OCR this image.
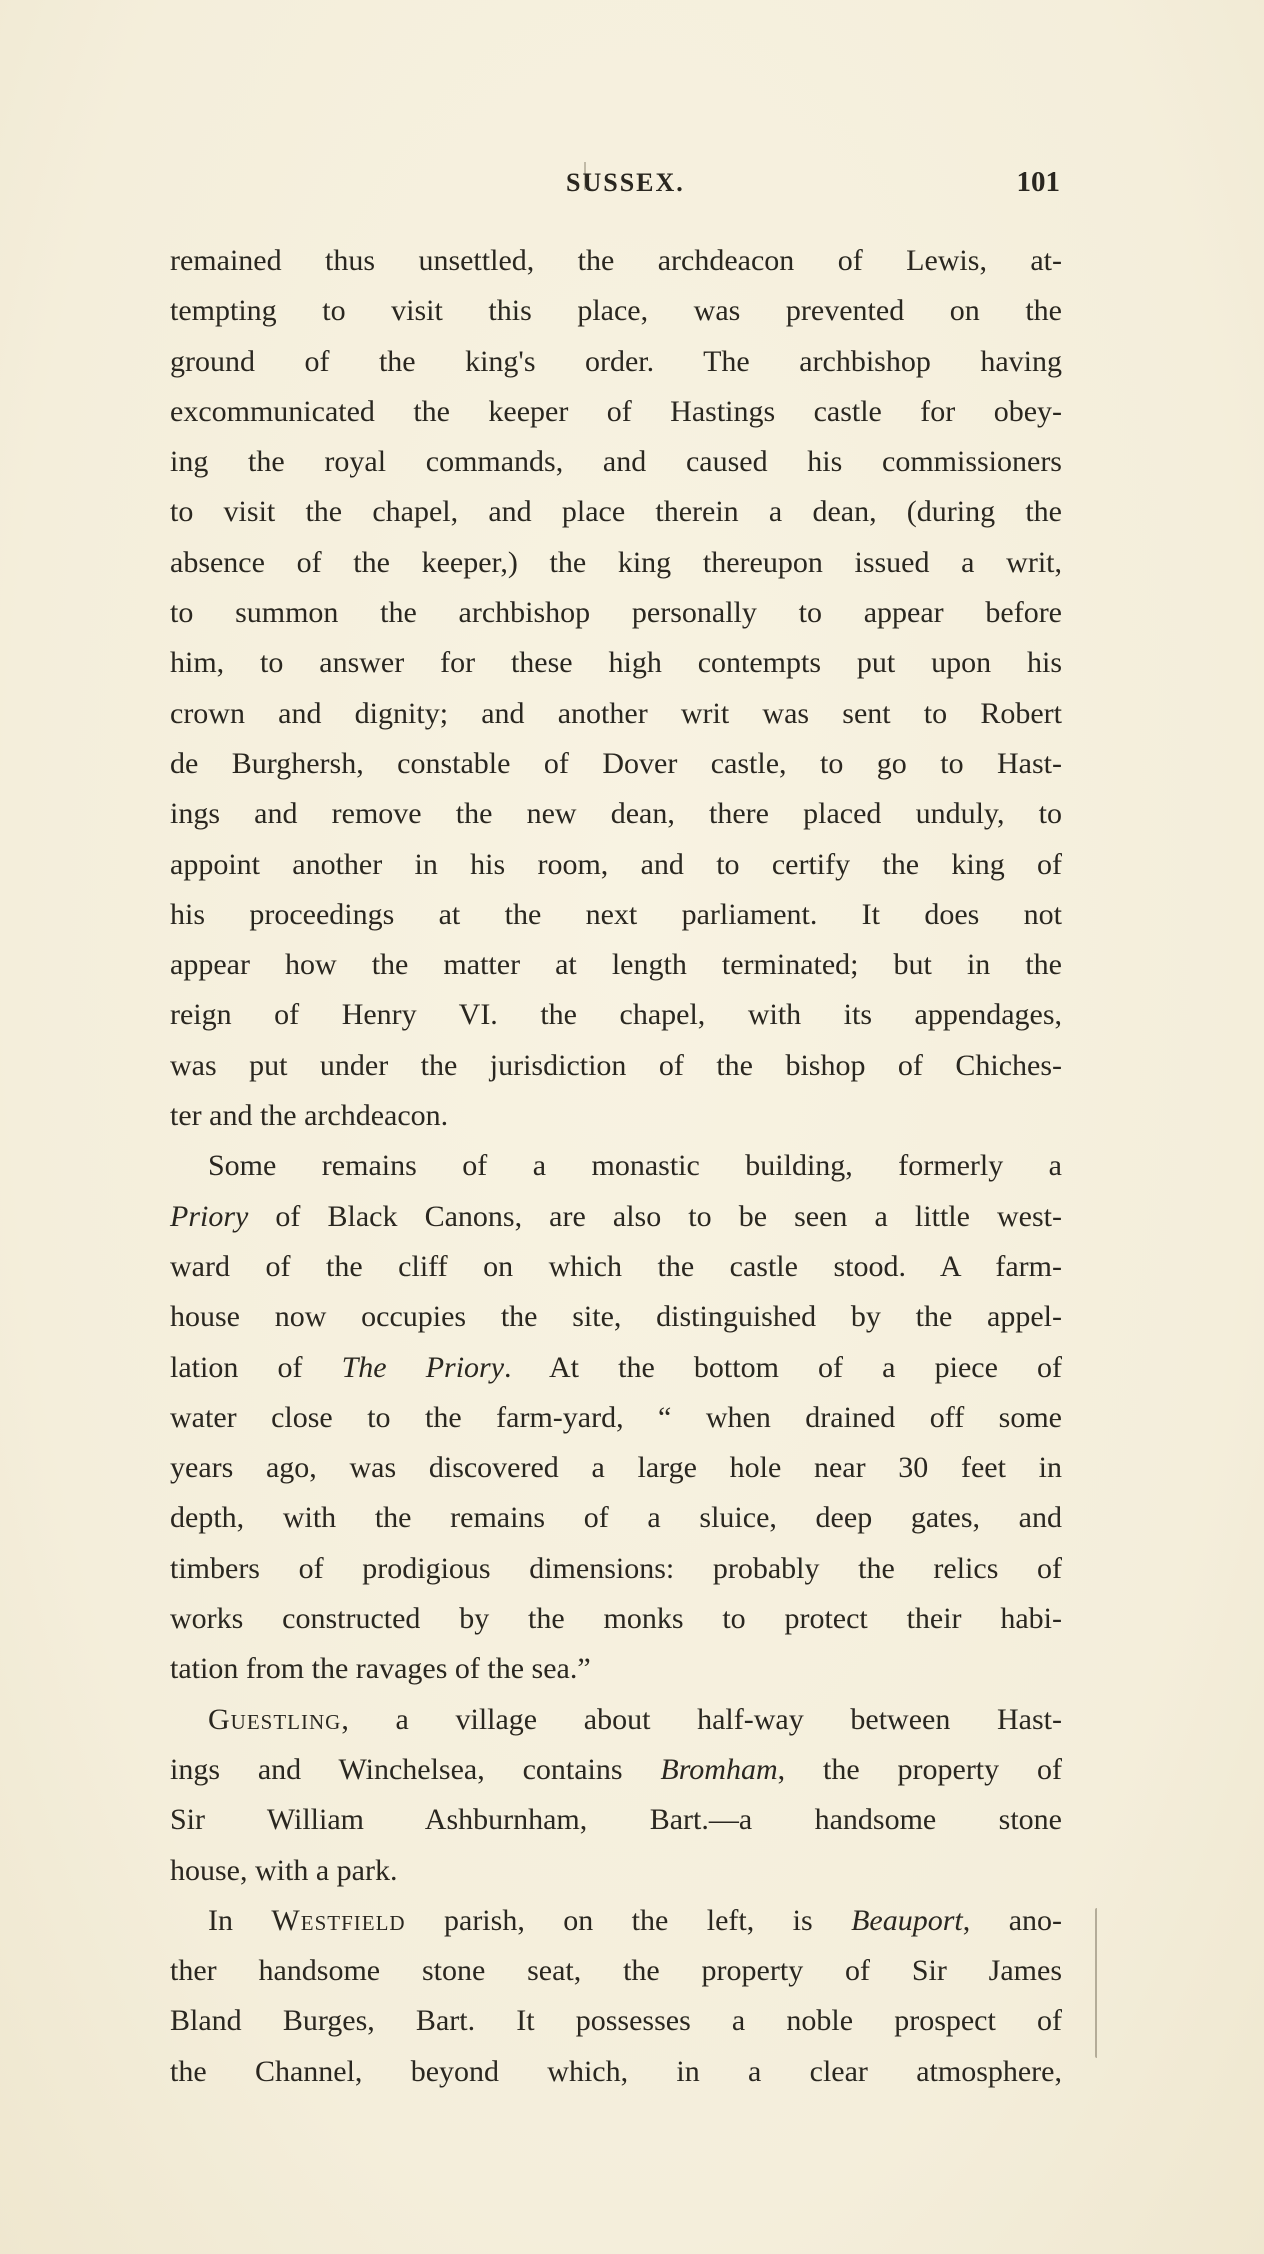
SUSSEX.	101
remained thus unsettled, the archdeacon of Lewis, at-
tempting to visit this place, was prevented on the
ground of the king's order. The archbishop having
excommunicated the keeper of Hastings castle for obey-
ing the royal commands, and caused his commissioners
to visit the chapel, and place therein a dean, (during the
absence of the keeper,) the king thereupon issued a writ,
to summon the archbishop personally to appear before
him, to answer for these high contempts put upon his
crown and dignity; and another writ was sent to Robert
de Burghersh, constable of Dover castle, to go to Hast-
ings and remove the new dean, there placed unduly, to
appoint another in his room, and to certify the king of
his proceedings at the next parliament. It does not
appear how the matter at length terminated; but in the
reign of Henry VI. the chapel, with its appendages,
was put under the jurisdiction of the bishop of Chiches-
ter and the archdeacon.
Some remains of a monastic building, formerly a
Priory of Black Canons, are also to be seen a little west-
ward of the cliff on which the castle stood. A farm-
house now occupies the site, distinguished by the appel-
lation of The Priory. At the bottom of a piece of
water close to the farm-yard, “ when drained off some
years ago, was discovered a large hole near 30 feet in
depth, with the remains of a sluice, deep gates, and
timbers of prodigious dimensions: probably the relics of
works constructed by the monks to protect their habi-
tation from the ravages of the sea.”
Guestling, a village about half-way between Hast-
ings and Winchelsea, contains Bromham, the property of
Sir William Ashburnham, Bart.—a handsome stone
house, with a park.
In Westfield parish, on the left, is Beauport, ano-
ther handsome stone seat, the property of Sir James
Bland Burges, Bart. It possesses a noble prospect of
the Channel, beyond which, in a clear atmosphere,
